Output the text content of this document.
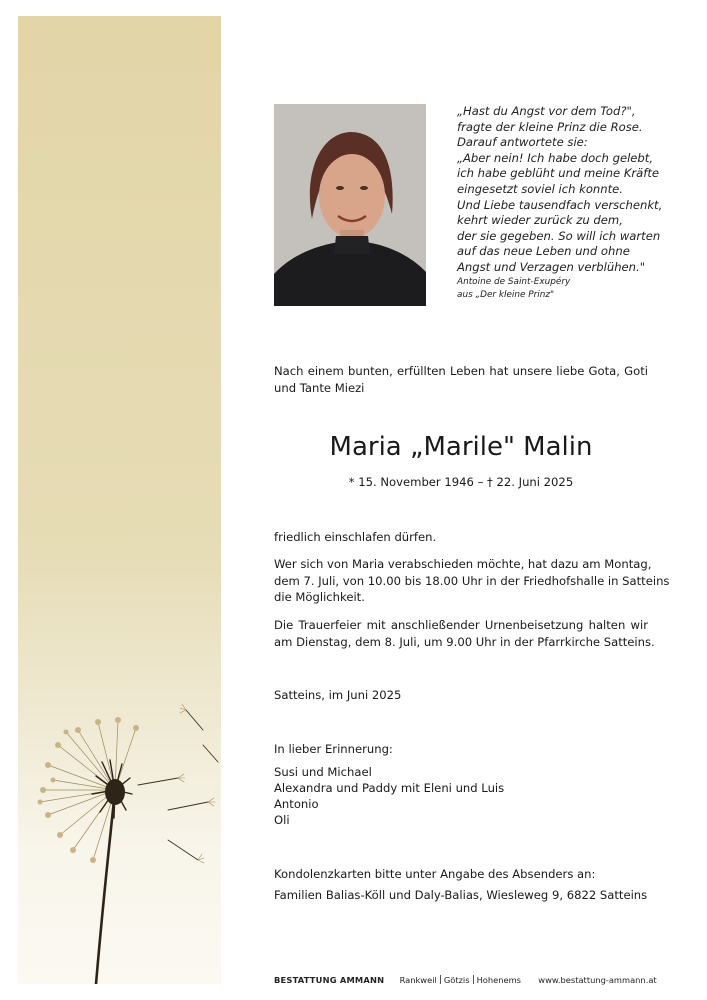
„Hast du Angst vor dem Tod?",
fragte der kleine Prinz die Rose.
Darauf antwortete sie:
„Aber nein! Ich habe doch gelebt,
ich habe geblüht und meine Kräfte
eingesetzt soviel ich konnte.
Und Liebe tausendfach verschenkt,
kehrt wieder zurück zu dem,
der sie gegeben. So will ich warten
auf das neue Leben und ohne
Angst und Verzagen verblühen."
Antoine de Saint-Exupéry
aus „Der kleine Prinz"
Nach einem bunten, erfüllten Leben hat unsere liebe Gota, Goti
und Tante Miezi
Maria „Marile" Malin
* 15. November 1946 – † 22. Juni 2025
friedlich einschlafen dürfen.
Wer sich von Maria verabschieden möchte, hat dazu am Montag,
dem 7. Juli, von 10.00 bis 18.00 Uhr in der Friedhofshalle in Satteins
die Möglichkeit.
Die Trauerfeier mit anschließender Urnenbeisetzung halten wir
am Dienstag, dem 8. Juli, um 9.00 Uhr in der Pfarrkirche Satteins.
Satteins, im Juni 2025
In lieber Erinnerung:
Susi und Michael
Alexandra und Paddy mit Eleni und Luis
Antonio
Oli
Kondolenzkarten bitte unter Angabe des Absenders an:
Familien Balias-Köll und Daly-Balias, Wiesleweg 9, 6822 Satteins
BESTATTUNG AMMANN Rankweil Götzis Hohenems www.bestattung-ammann.at
